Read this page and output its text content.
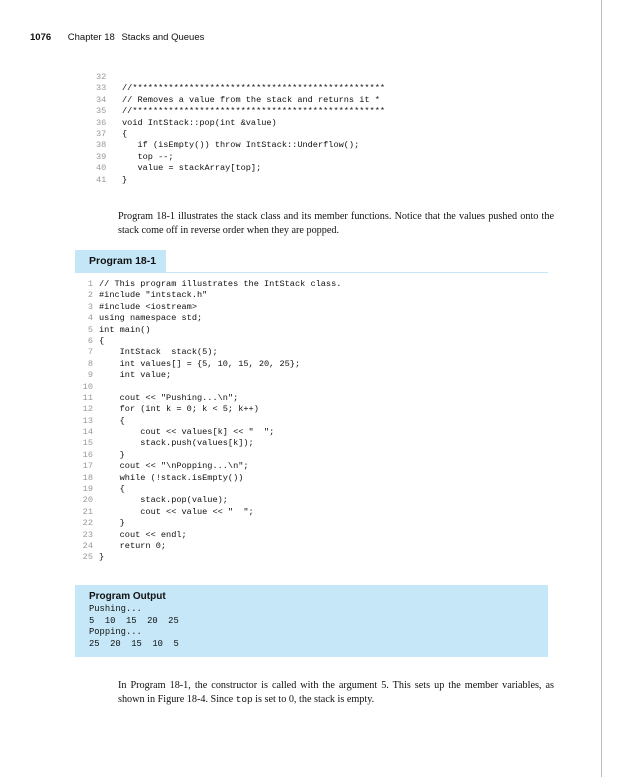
1076 Chapter 18 Stacks and Queues
32
33 //*************************************************
34 // Removes a value from the stack and returns it *
35 //*************************************************
36 void IntStack::pop(int &value)
37 {
38   if (isEmpty()) throw IntStack::Underflow();
39   top --;
40   value = stackArray[top];
41 }
Program 18-1 illustrates the stack class and its member functions. Notice that the values pushed onto the stack come off in reverse order when they are popped.
Program 18-1
1 // This program illustrates the IntStack class.
2 #include "intstack.h"
3 #include <iostream>
4 using namespace std;
5 int main()
6 {
7    IntStack  stack(5);
8    int values[] = {5, 10, 15, 20, 25};
9    int value;
10
11    cout << "Pushing...\n";
12    for (int k = 0; k < 5; k++)
13    {
14        cout << values[k] << "  ";
15        stack.push(values[k]);
16    }
17    cout << "\nPopping...\n";
18    while (!stack.isEmpty())
19    {
20        stack.pop(value);
21        cout << value << "  ";
22    }
23    cout << endl;
24    return 0;
25 }
Program Output
Pushing...
5  10  15  20  25
Popping...
25  20  15  10  5
In Program 18-1, the constructor is called with the argument 5. This sets up the member variables, as shown in Figure 18-4. Since top is set to 0, the stack is empty.
